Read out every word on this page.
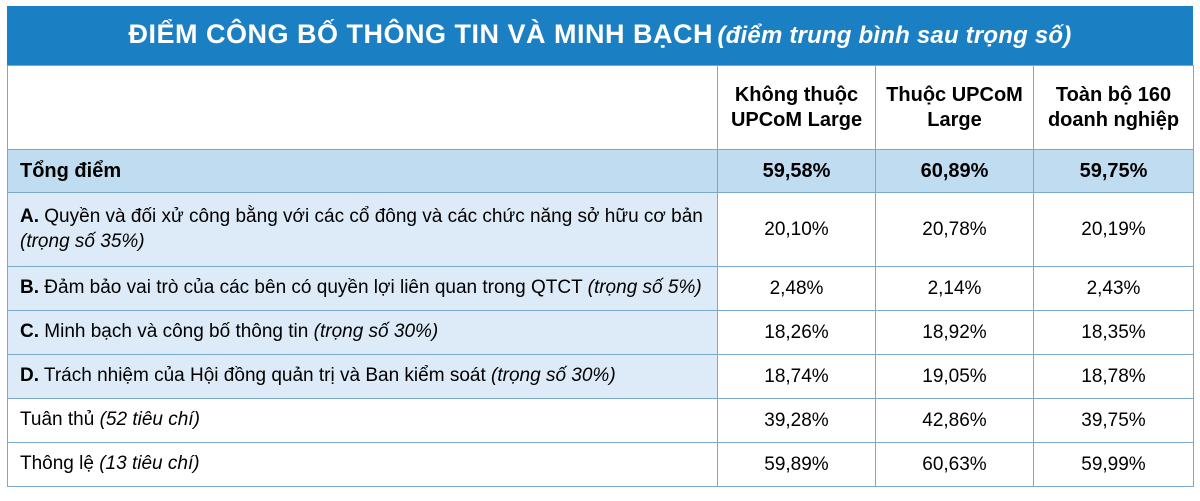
ĐIỂM CÔNG BỐ THÔNG TIN VÀ MINH BẠCH (điểm trung bình sau trọng số)
	Không thuộc UPCoM Large	Thuộc UPCoM Large	Toàn bộ 160 doanh nghiệp
Tổng điểm	59,58%	60,89%	59,75%
A. Quyền và đối xử công bằng với các cổ đông và các chức năng sở hữu cơ bản (trọng số 35%)	20,10%	20,78%	20,19%
B. Đảm bảo vai trò của các bên có quyền lợi liên quan trong QTCT (trọng số 5%)	2,48%	2,14%	2,43%
C. Minh bạch và công bố thông tin (trọng số 30%)	18,26%	18,92%	18,35%
D. Trách nhiệm của Hội đồng quản trị và Ban kiểm soát (trọng số 30%)	18,74%	19,05%	18,78%
Tuân thủ (52 tiêu chí)	39,28%	42,86%	39,75%
Thông lệ (13 tiêu chí)	59,89%	60,63%	59,99%
